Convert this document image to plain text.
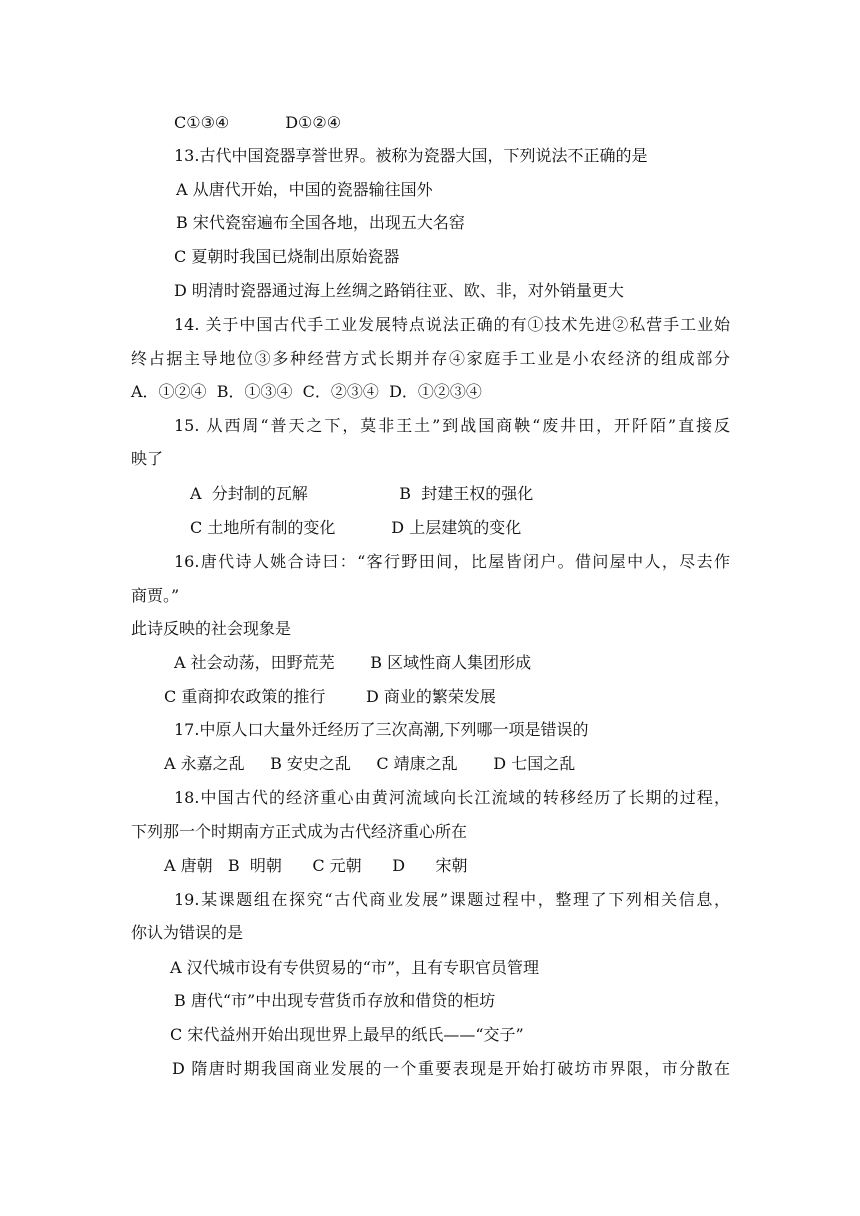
C①③④           D①②④
13.古代中国瓷器享誉世界。被称为瓷器大国，下列说法不正确的是
A 从唐代开始，中国的瓷器输往国外
B 宋代瓷窑遍布全国各地，出现五大名窑
C 夏朝时我国已烧制出原始瓷器
D 明清时瓷器通过海上丝绸之路销往亚、欧、非，对外销量更大
14. 关于中国古代手工业发展特点说法正确的有①技术先进②私营手工业始
终占据主导地位③多种经营方式长期并存④家庭手工业是小农经济的组成部分
A．①②④  B．①③④  C．②③④  D．①②③④
15. 从西周“普天之下，莫非王土”到战国商鞅“废井田，开阡陌”直接反
映了
A  分封制的瓦解                  B  封建王权的强化
C 土地所有制的变化           D 上层建筑的变化
16.唐代诗人姚合诗曰：“客行野田间，比屋皆闭户。借问屋中人，尽去作
商贾。”
此诗反映的社会现象是
A 社会动荡，田野荒芜       B 区域性商人集团形成
C 重商抑农政策的推行        D 商业的繁荣发展
17.中原人口大量外迁经历了三次高潮,下列哪一项是错误的
A 永嘉之乱     B 安史之乱     C 靖康之乱       D 七国之乱
18.中国古代的经济重心由黄河流域向长江流域的转移经历了长期的过程，
下列那一个时期南方正式成为古代经济重心所在
A 唐朝   B  明朝      C 元朝      D      宋朝
19.某课题组在探究“古代商业发展”课题过程中，整理了下列相关信息，
你认为错误的是
A 汉代城市设有专供贸易的“市”，且有专职官员管理
B 唐代“市”中出现专营货币存放和借贷的柜坊
C 宋代益州开始出现世界上最早的纸氏——“交子”
D 隋唐时期我国商业发展的一个重要表现是开始打破坊市界限，市分散在
